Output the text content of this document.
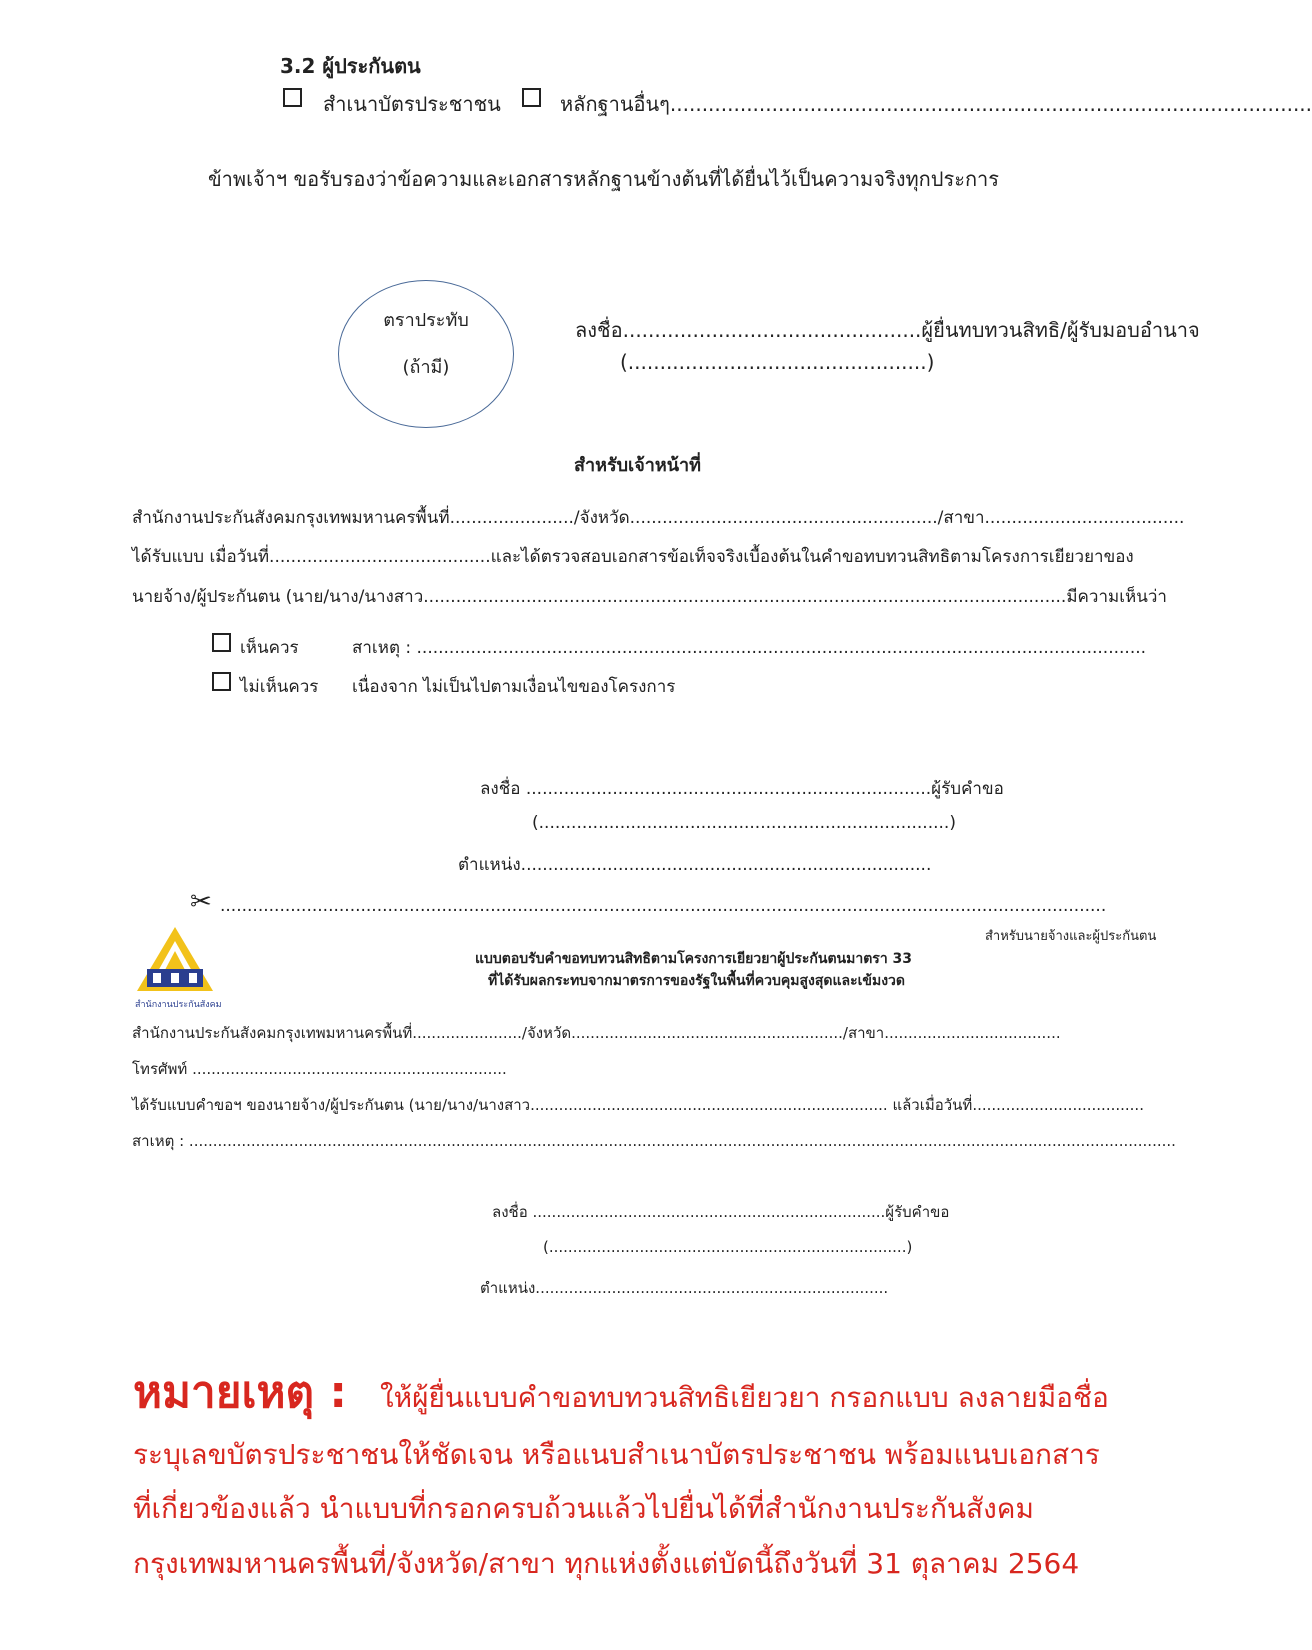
3.2 ผู้ประกันตน
สำเนาบัตรประชาชน	หลักฐานอื่นๆ.....................................................................................................
ข้าพเจ้าฯ ขอรับรองว่าข้อความและเอกสารหลักฐานข้างต้นที่ได้ยื่นไว้เป็นความจริงทุกประการ
ตราประทับ
(ถ้ามี)
ลงชื่อ...............................................ผู้ยื่นทบทวนสิทธิ/ผู้รับมอบอำนาจ
(...............................................)
สำหรับเจ้าหน้าที่
สำนักงานประกันสังคมกรุงเทพมหานครพื้นที่......................./จังหวัด........................................................./สาขา.....................................
ได้รับแบบ เมื่อวันที่.........................................และได้ตรวจสอบเอกสารข้อเท็จจริงเบื้องต้นในคำขอทบทวนสิทธิตามโครงการเยียวยาของ
นายจ้าง/ผู้ประกันตน (นาย/นาง/นางสาว.......................................................................................................................มีความเห็นว่า
เห็นควร	สาเหตุ : .......................................................................................................................................
ไม่เห็นควร เนื่องจาก ไม่เป็นไปตามเงื่อนไขของโครงการ
ลงชื่อ ...........................................................................ผู้รับคำขอ
(............................................................................)
ตำแหน่ง............................................................................
✂ ....................................................................................................................................................................
สำหรับนายจ้างและผู้ประกันตน
สำนักงานประกันสังคม
แบบตอบรับคำขอทบทวนสิทธิตามโครงการเยียวยาผู้ประกันตนมาตรา 33
ที่ได้รับผลกระทบจากมาตรการของรัฐในพื้นที่ควบคุมสูงสุดและเข้มงวด
สำนักงานประกันสังคมกรุงเทพมหานครพื้นที่......................./จังหวัด........................................................./สาขา.....................................
โทรศัพท์ ..................................................................
ได้รับแบบคำขอฯ ของนายจ้าง/ผู้ประกันตน (นาย/นาง/นางสาว........................................................................... แล้วเมื่อวันที่....................................
สาเหตุ : ...............................................................................................................................................................................................................
ลงชื่อ ..........................................................................ผู้รับคำขอ
(...........................................................................)
ตำแหน่ง..........................................................................
หมายเหตุ : ให้ผู้ยื่นแบบคำขอทบทวนสิทธิเยียวยา กรอกแบบ ลงลายมือชื่อ
ระบุเลขบัตรประชาชนให้ชัดเจน หรือแนบสำเนาบัตรประชาชน พร้อมแนบเอกสาร
ที่เกี่ยวข้องแล้ว นำแบบที่กรอกครบถ้วนแล้วไปยื่นได้ที่สำนักงานประกันสังคม
กรุงเทพมหานครพื้นที่/จังหวัด/สาขา ทุกแห่งตั้งแต่บัดนี้ถึงวันที่ 31 ตุลาคม 2564
